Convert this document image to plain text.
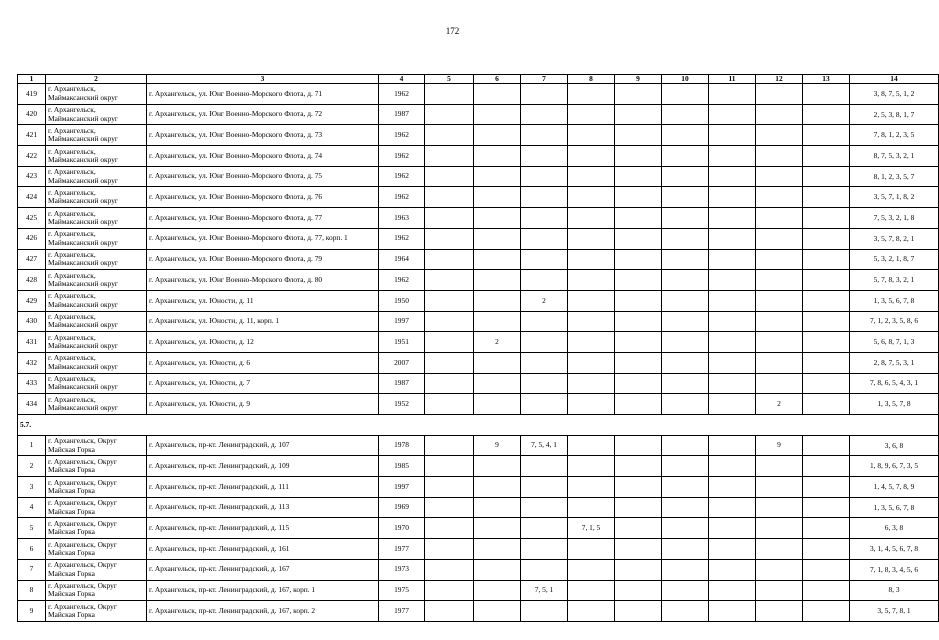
172
1	2	3	4	5	6	7	8	9	10	11	12	13	14
419	г. Архангельск, Маймаксанский округ	г. Архангельск, ул. Юнг Военно-Морского Флота, д. 71	1962										3, 8, 7, 5, 1, 2
420	г. Архангельск, Маймаксанский округ	г. Архангельск, ул. Юнг Военно-Морского Флота, д. 72	1987										2, 5, 3, 8, 1, 7
421	г. Архангельск, Маймаксанский округ	г. Архангельск, ул. Юнг Военно-Морского Флота, д. 73	1962										7, 8, 1, 2, 3, 5
422	г. Архангельск, Маймаксанский округ	г. Архангельск, ул. Юнг Военно-Морского Флота, д. 74	1962										8, 7, 5, 3, 2, 1
423	г. Архангельск, Маймаксанский округ	г. Архангельск, ул. Юнг Военно-Морского Флота, д. 75	1962										8, 1, 2, 3, 5, 7
424	г. Архангельск, Маймаксанский округ	г. Архангельск, ул. Юнг Военно-Морского Флота, д. 76	1962										3, 5, 7, 1, 8, 2
425	г. Архангельск, Маймаксанский округ	г. Архангельск, ул. Юнг Военно-Морского Флота, д. 77	1963										7, 5, 3, 2, 1, 8
426	г. Архангельск, Маймаксанский округ	г. Архангельск, ул. Юнг Военно-Морского Флота, д. 77, корп. 1	1962										3, 5, 7, 8, 2, 1
427	г. Архангельск, Маймаксанский округ	г. Архангельск, ул. Юнг Военно-Морского Флота, д. 79	1964										5, 3, 2, 1, 8, 7
428	г. Архангельск, Маймаксанский округ	г. Архангельск, ул. Юнг Военно-Морского Флота, д. 80	1962										5, 7, 8, 3, 2, 1
429	г. Архангельск, Маймаксанский округ	г. Архангельск, ул. Юности, д. 11	1950			2							1, 3, 5, 6, 7, 8
430	г. Архангельск, Маймаксанский округ	г. Архангельск, ул. Юности, д. 11, корп. 1	1997										7, 1, 2, 3, 5, 8, 6
431	г. Архангельск, Маймаксанский округ	г. Архангельск, ул. Юности, д. 12	1951		2								5, 6, 8, 7, 1, 3
432	г. Архангельск, Маймаксанский округ	г. Архангельск, ул. Юности, д. 6	2007										2, 8, 7, 5, 3, 1
433	г. Архангельск, Маймаксанский округ	г. Архангельск, ул. Юности, д. 7	1987										7, 8, 6, 5, 4, 3, 1
434	г. Архангельск, Маймаксанский округ	г. Архангельск, ул. Юности, д. 9	1952								2		1, 3, 5, 7, 8
5.7.													
1	г. Архангельск, Округ Майская Горка	г. Архангельск, пр-кт. Ленинградский, д. 107	1978		9	7, 5, 4, 1					9		3, 6, 8
2	г. Архангельск, Округ Майская Горка	г. Архангельск, пр-кт. Ленинградский, д. 109	1985										1, 8, 9, 6, 7, 3, 5
3	г. Архангельск, Округ Майская Горка	г. Архангельск, пр-кт. Ленинградский, д. 111	1997										1, 4, 5, 7, 8, 9
4	г. Архангельск, Округ Майская Горка	г. Архангельск, пр-кт. Ленинградский, д. 113	1969										1, 3, 5, 6, 7, 8
5	г. Архангельск, Округ Майская Горка	г. Архангельск, пр-кт. Ленинградский, д. 115	1970				7, 1, 5						6, 3, 8
6	г. Архангельск, Округ Майская Горка	г. Архангельск, пр-кт. Ленинградский, д. 161	1977										3, 1, 4, 5, 6, 7, 8
7	г. Архангельск, Округ Майская Горка	г. Архангельск, пр-кт. Ленинградский, д. 167	1973										7, 1, 8, 3, 4, 5, 6
8	г. Архангельск, Округ Майская Горка	г. Архангельск, пр-кт. Ленинградский, д. 167, корп. 1	1975			7, 5, 1							8, 3
9	г. Архангельск, Округ Майская Горка	г. Архангельск, пр-кт. Ленинградский, д. 167, корп. 2	1977										3, 5, 7, 8, 1
